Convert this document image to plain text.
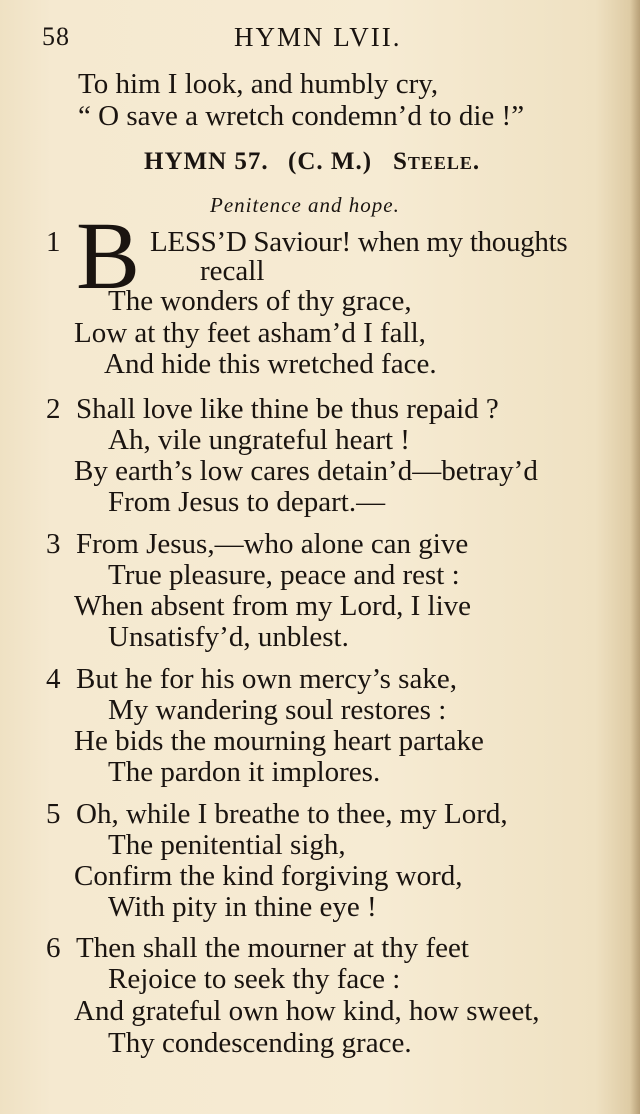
58	HYMN LVII.
To him I look, and humbly cry,
“ O save a wretch condemn’d to die !”
HYMN 57. (C. M.) Steele.
Penitence and hope.
1 B LESS’D Saviour! when my thoughts
recall
The wonders of thy grace,
Low at thy feet asham’d I fall,
And hide this wretched face.
2 Shall love like thine be thus repaid ?
Ah, vile ungrateful heart !
By earth’s low cares detain’d—betray’d
From Jesus to depart.—
3 From Jesus,—who alone can give
True pleasure, peace and rest :
When absent from my Lord, I live
Unsatisfy’d, unblest.
4 But he for his own mercy’s sake,
My wandering soul restores :
He bids the mourning heart partake
The pardon it implores.
5 Oh, while I breathe to thee, my Lord,
The penitential sigh,
Confirm the kind forgiving word,
With pity in thine eye !
6 Then shall the mourner at thy feet
Rejoice to seek thy face :
And grateful own how kind, how sweet,
Thy condescending grace.
